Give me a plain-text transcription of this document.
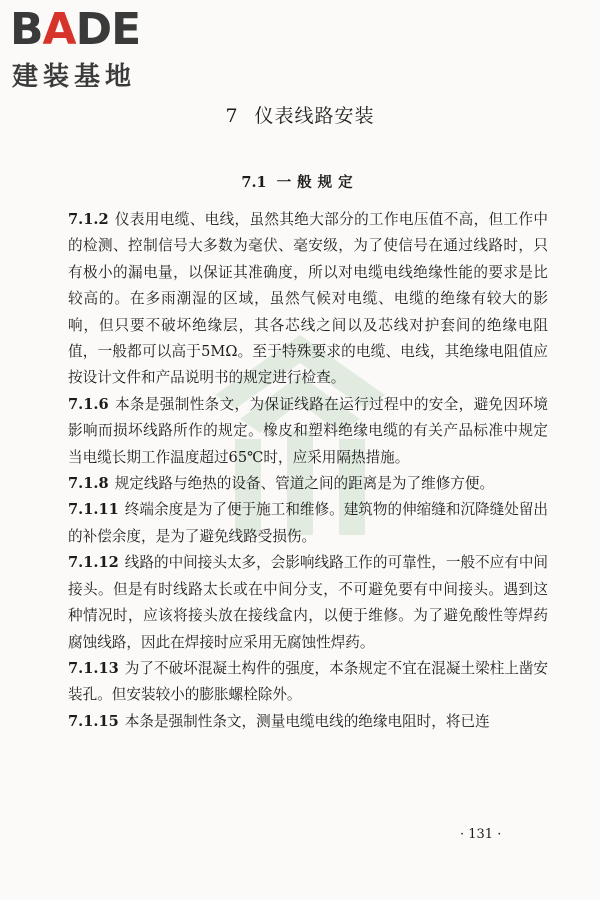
BADE
建装基地
7 仪表线路安装
7.1 一般规定

7.1.2 仪表用电缆、电线，虽然其绝大部分的工作电压值不高，但工作中的检测、控制信号大多数为毫伏、毫安级，为了使信号在通过线路时，只有极小的漏电量，以保证其准确度，所以对电缆电线绝缘性能的要求是比较高的。在多雨潮湿的区域，虽然气候对电缆、电缆的绝缘有较大的影响，但只要不破坏绝缘层，其各芯线之间以及芯线对护套间的绝缘电阻值，一般都可以高于5MΩ。至于特殊要求的电缆、电线，其绝缘电阻值应按设计文件和产品说明书的规定进行检查。

7.1.6 本条是强制性条文，为保证线路在运行过程中的安全，避免因环境影响而损坏线路所作的规定。橡皮和塑料绝缘电缆的有关产品标准中规定当电缆长期工作温度超过65℃时，应采用隔热措施。

7.1.8 规定线路与绝热的设备、管道之间的距离是为了维修方便。

7.1.11 终端余度是为了便于施工和维修。建筑物的伸缩缝和沉降缝处留出的补偿余度，是为了避免线路受损伤。

7.1.12 线路的中间接头太多，会影响线路工作的可靠性，一般不应有中间接头。但是有时线路太长或在中间分支，不可避免要有中间接头。遇到这种情况时，应该将接头放在接线盒内，以便于维修。为了避免酸性等焊药腐蚀线路，因此在焊接时应采用无腐蚀性焊药。

7.1.13 为了不破坏混凝土构件的强度，本条规定不宜在混凝土梁柱上凿安装孔。但安装较小的膨胀螺栓除外。

7.1.15 本条是强制性条文，测量电缆电线的绝缘电阻时，将已连

· 131 ·
